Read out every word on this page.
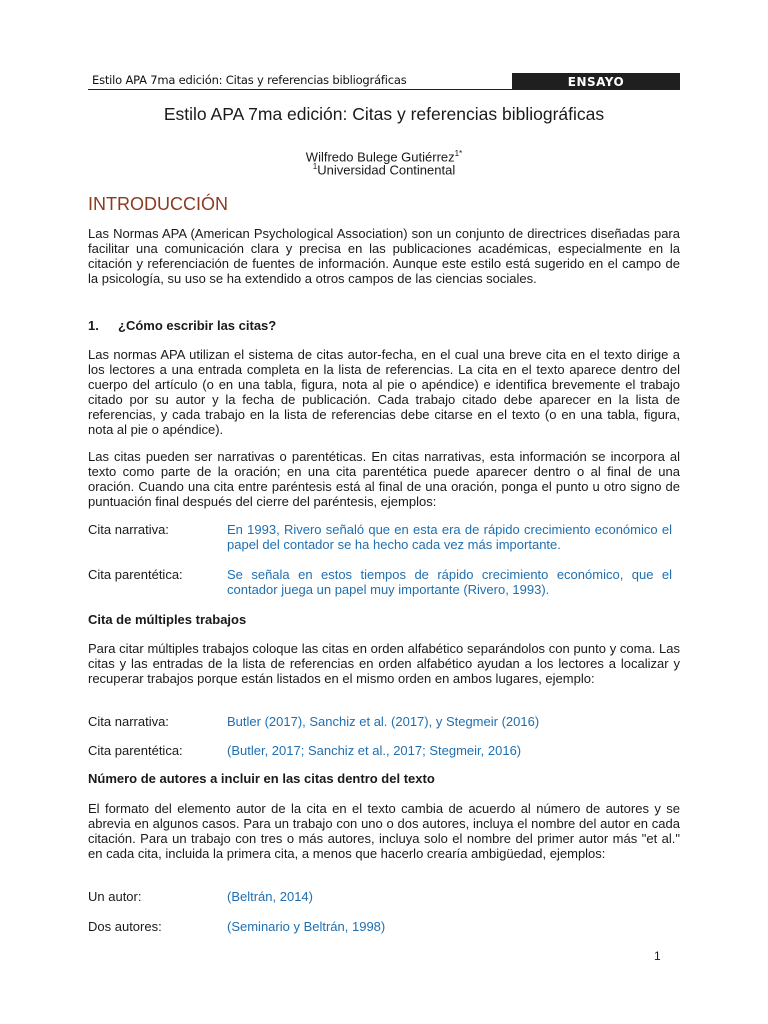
Estilo APA 7ma edición: Citas y referencias bibliográficas	ENSAYO
Estilo APA 7ma edición: Citas y referencias bibliográficas
Wilfredo Bulege Gutiérrez$^{1*}$
$^1$Universidad Continental
INTRODUCCIÓN
Las Normas APA (American Psychological Association) son un conjunto de directrices diseñadas para facilitar una comunicación clara y precisa en las publicaciones académicas, especialmente en la citación y referenciación de fuentes de información. Aunque este estilo está sugerido en el campo de la psicología, su uso se ha extendido a otros campos de las ciencias sociales.
1. ¿Cómo escribir las citas?
Las normas APA utilizan el sistema de citas autor-fecha, en el cual una breve cita en el texto dirige a los lectores a una entrada completa en la lista de referencias. La cita en el texto aparece dentro del cuerpo del artículo (o en una tabla, figura, nota al pie o apéndice) e identifica brevemente el trabajo citado por su autor y la fecha de publicación. Cada trabajo citado debe aparecer en la lista de referencias, y cada trabajo en la lista de referencias debe citarse en el texto (o en una tabla, figura, nota al pie o apéndice).
Las citas pueden ser narrativas o parentéticas. En citas narrativas, esta información se incorpora al texto como parte de la oración; en una cita parentética puede aparecer dentro o al final de una oración. Cuando una cita entre paréntesis está al final de una oración, ponga el punto u otro signo de puntuación final después del cierre del paréntesis, ejemplos:
Cita narrativa:	En 1993, Rivero señaló que en esta era de rápido crecimiento económico el papel del contador se ha hecho cada vez más importante.
Cita parentética:	Se señala en estos tiempos de rápido crecimiento económico, que el contador juega un papel muy importante (Rivero, 1993).
Cita de múltiples trabajos
Para citar múltiples trabajos coloque las citas en orden alfabético separándolos con punto y coma. Las citas y las entradas de la lista de referencias en orden alfabético ayudan a los lectores a localizar y recuperar trabajos porque están listados en el mismo orden en ambos lugares, ejemplo:
Cita narrativa:	Butler (2017), Sanchiz et al. (2017), y Stegmeir (2016)
Cita parentética:	(Butler, 2017; Sanchiz et al., 2017; Stegmeir, 2016)
Número de autores a incluir en las citas dentro del texto
El formato del elemento autor de la cita en el texto cambia de acuerdo al número de autores y se abrevia en algunos casos. Para un trabajo con uno o dos autores, incluya el nombre del autor en cada citación. Para un trabajo con tres o más autores, incluya solo el nombre del primer autor más "et al." en cada cita, incluida la primera cita, a menos que hacerlo crearía ambigüedad, ejemplos:
Un autor:	(Beltrán, 2014)
Dos autores:	(Seminario y Beltrán, 1998)
1
